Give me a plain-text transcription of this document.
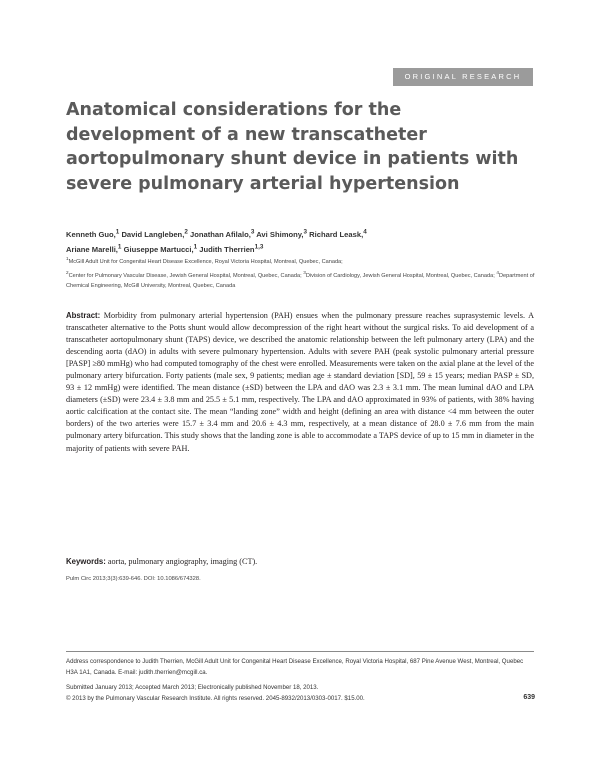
ORIGINAL RESEARCH
Anatomical considerations for the development of a new transcatheter aortopulmonary shunt device in patients with severe pulmonary arterial hypertension
Kenneth Guo,$^1$ David Langleben,$^2$ Jonathan Afilalo,$^3$ Avi Shimony,$^3$ Richard Leask,$^4$
Ariane Marelli,$^1$ Giuseppe Martucci,$^1$ Judith Therrien$^{1,3}$
$^1$McGill Adult Unit for Congenital Heart Disease Excellence, Royal Victoria Hospital, Montreal, Quebec, Canada;
$^2$Center for Pulmonary Vascular Disease, Jewish General Hospital, Montreal, Quebec, Canada; $^3$Division of Cardiology, Jewish General Hospital, Montreal, Quebec, Canada; $^4$Department of Chemical Engineering, McGill University, Montreal, Quebec, Canada

Abstract: Morbidity from pulmonary arterial hypertension (PAH) ensues when the pulmonary pressure reaches suprasystemic levels. A transcatheter alternative to the Potts shunt would allow decompression of the right heart without the surgical risks. To aid development of a transcatheter aortopulmonary shunt (TAPS) device, we described the anatomic relationship between the left pulmonary artery (LPA) and the descending aorta (dAO) in adults with severe pulmonary hypertension. Adults with severe PAH (peak systolic pulmonary arterial pressure [PASP] ≥80 mmHg) who had computed tomography of the chest were enrolled. Measurements were taken on the axial plane at the level of the pulmonary artery bifurcation. Forty patients (male sex, 9 patients; median age ± standard deviation [SD], 59 ± 15 years; median PASP ± SD, 93 ± 12 mmHg) were identified. The mean distance (±SD) between the LPA and dAO was 2.3 ± 3.1 mm. The mean luminal dAO and LPA diameters (±SD) were 23.4 ± 3.8 mm and 25.5 ± 5.1 mm, respectively. The LPA and dAO approximated in 93% of patients, with 38% having aortic calcification at the contact site. The mean “landing zone” width and height (defining an area with distance <4 mm between the outer borders) of the two arteries were 15.7 ± 3.4 mm and 20.6 ± 4.3 mm, respectively, at a mean distance of 28.0 ± 7.6 mm from the main pulmonary artery bifurcation. This study shows that the landing zone is able to accommodate a TAPS device of up to 15 mm in diameter in the majority of patients with severe PAH.

Keywords: aorta, pulmonary angiography, imaging (CT).
Pulm Circ 2013;3(3):639-646. DOI: 10.1086/674328.
Address correspondence to Judith Therrien, McGill Adult Unit for Congenital Heart Disease Excellence, Royal Victoria Hospital, 687 Pine Avenue West, Montreal, Quebec H3A 1A1, Canada. E-mail: judith.therrien@mcgill.ca.
Submitted January 2013; Accepted March 2013; Electronically published November 18, 2013.
© 2013 by the Pulmonary Vascular Research Institute. All rights reserved. 2045-8932/2013/0303-0017. $15.00.	639
